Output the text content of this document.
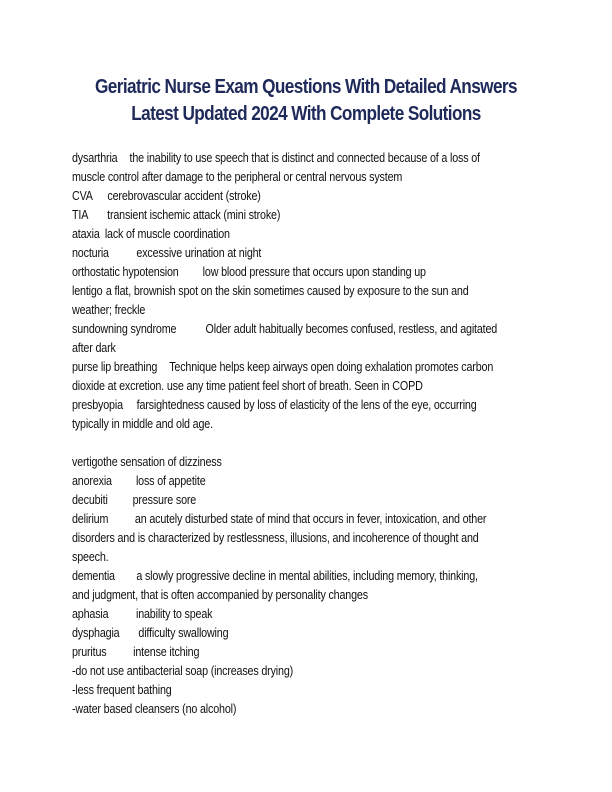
Geriatric Nurse Exam Questions With Detailed Answers
Latest Updated 2024 With Complete Solutions
dysarthria the inability to use speech that is distinct and connected because of a loss of
muscle control after damage to the peripheral or central nervous system
CVA cerebrovascular accident (stroke)
TIA transient ischemic attack (mini stroke)
ataxia lack of muscle coordination
nocturia excessive urination at night
orthostatic hypotension low blood pressure that occurs upon standing up
lentigo a flat, brownish spot on the skin sometimes caused by exposure to the sun and
weather; freckle
sundowning syndrome Older adult habitually becomes confused, restless, and agitated
after dark
purse lip breathing Technique helps keep airways open doing exhalation promotes carbon
dioxide at excretion. use any time patient feel short of breath. Seen in COPD
presbyopia farsightedness caused by loss of elasticity of the lens of the eye, occurring
typically in middle and old age.
vertigothe sensation of dizziness
anorexia loss of appetite
decubiti pressure sore
delirium an acutely disturbed state of mind that occurs in fever, intoxication, and other
disorders and is characterized by restlessness, illusions, and incoherence of thought and
speech.
dementia a slowly progressive decline in mental abilities, including memory, thinking,
and judgment, that is often accompanied by personality changes
aphasia inability to speak
dysphagia difficulty swallowing
pruritus intense itching
-do not use antibacterial soap (increases drying)
-less frequent bathing
-water based cleansers (no alcohol)
